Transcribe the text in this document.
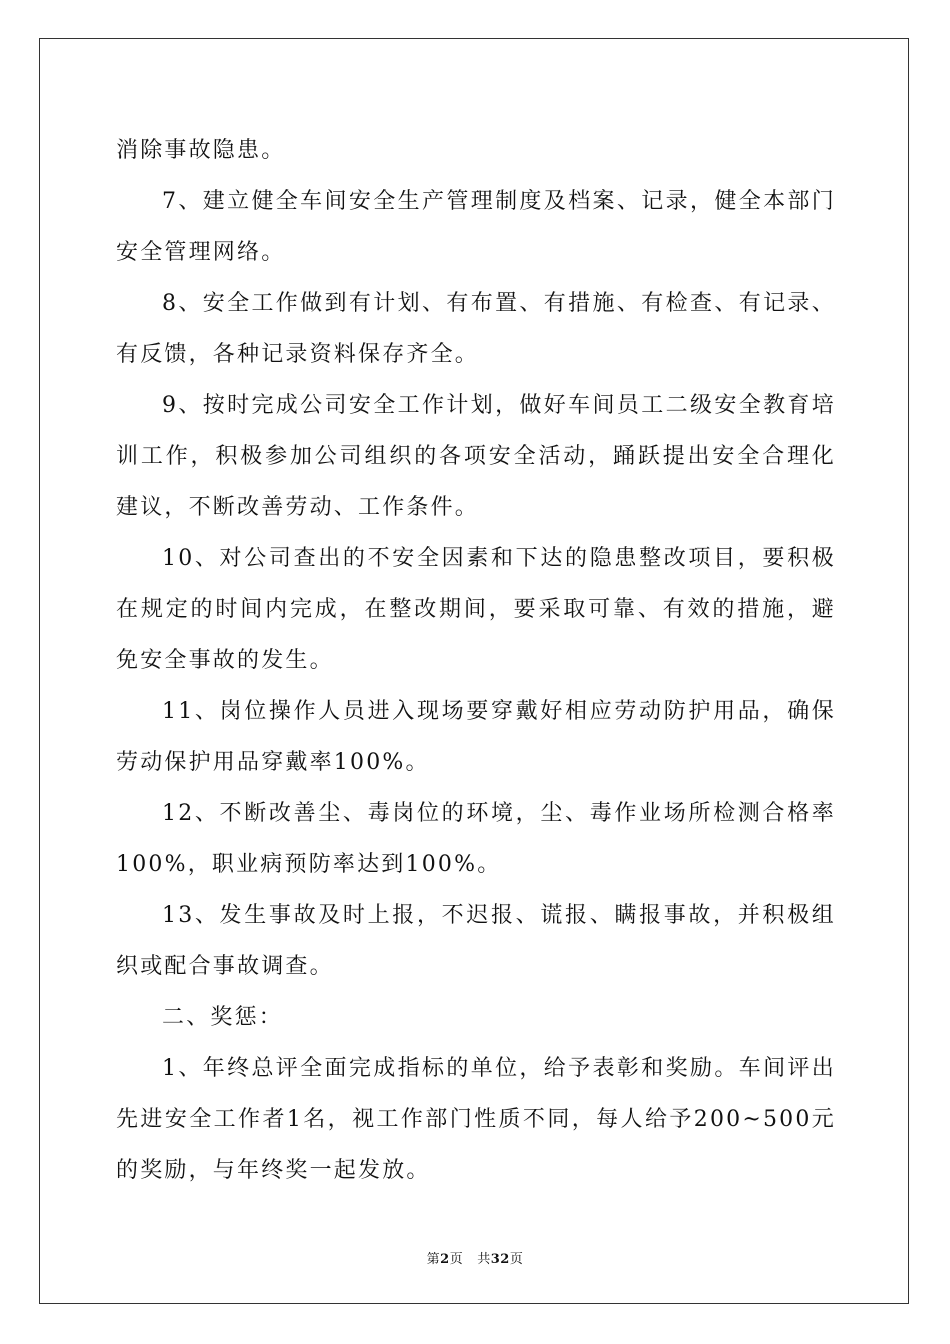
消除事故隐患。

7、建立健全车间安全生产管理制度及档案、记录，健全本部门安全管理网络。

8、安全工作做到有计划、有布置、有措施、有检查、有记录、有反馈，各种记录资料保存齐全。

9、按时完成公司安全工作计划，做好车间员工二级安全教育培训工作，积极参加公司组织的各项安全活动，踊跃提出安全合理化建议，不断改善劳动、工作条件。

10、对公司查出的不安全因素和下达的隐患整改项目，要积极在规定的时间内完成，在整改期间，要采取可靠、有效的措施，避免安全事故的发生。

11、岗位操作人员进入现场要穿戴好相应劳动防护用品，确保劳动保护用品穿戴率100%。

12、不断改善尘、毒岗位的环境，尘、毒作业场所检测合格率100%，职业病预防率达到100%。

13、发生事故及时上报，不迟报、谎报、瞒报事故，并积极组织或配合事故调查。

二、奖惩：

1、年终总评全面完成指标的单位，给予表彰和奖励。车间评出先进安全工作者1名，视工作部门性质不同，每人给予200~500元的奖励，与年终奖一起发放。

第2页 共32页
